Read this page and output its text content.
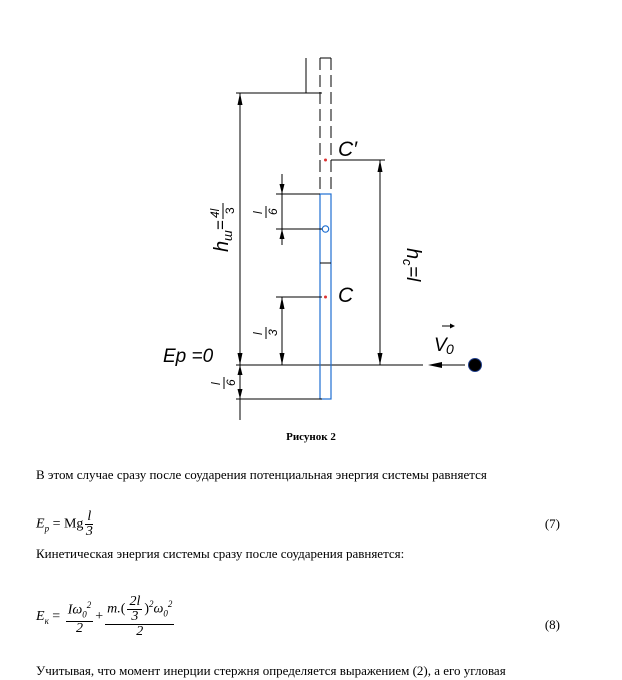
C′
C
Ep =0
V 0
h
ш
=
4l 3
h
c
=l
l 6
l 3
l 6
Рисунок 2
В этом случае сразу после соударения потенциальная энергия системы равняется
$E_p = Mg \frac{l}{3}$	(7)
Кинетическая энергия системы сразу после соударения равняется:
$E_к = \frac{I\omega_0^2}{2} + \frac{m.( \frac{2l}{3} )^2\omega_0^2}{2}$	(8)
Учитывая, что момент инерции стержня определяется выражением (2), а его угловая
